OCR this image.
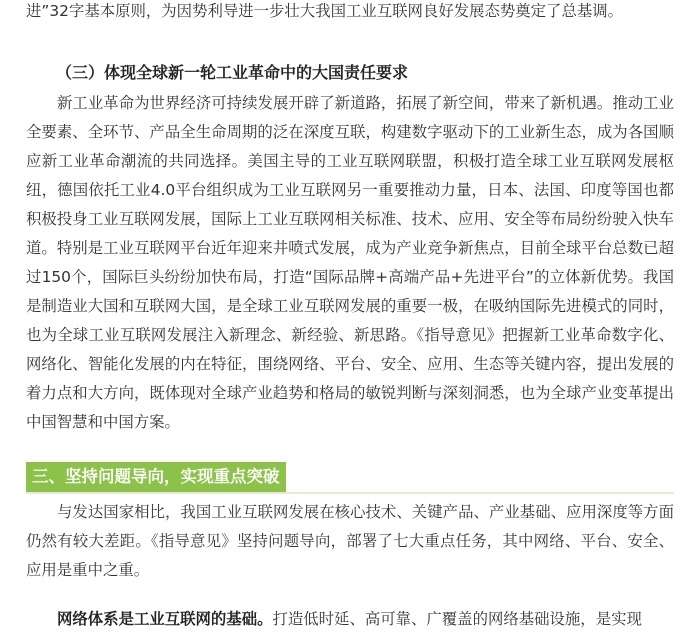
进”32字基本原则，为因势利导进一步壮大我国工业互联网良好发展态势奠定了总基调。

（三）体现全球新一轮工业革命中的大国责任要求

新工业革命为世界经济可持续发展开辟了新道路，拓展了新空间，带来了新机遇。推动工业全要素、全环节、产品全生命周期的泛在深度互联，构建数字驱动下的工业新生态，成为各国顺应新工业革命潮流的共同选择。美国主导的工业互联网联盟，积极打造全球工业互联网发展枢纽，德国依托工业4.0平台组织成为工业互联网另一重要推动力量，日本、法国、印度等国也都积极投身工业互联网发展，国际上工业互联网相关标准、技术、应用、安全等布局纷纷驶入快车道。特别是工业互联网平台近年迎来井喷式发展，成为产业竞争新焦点，目前全球平台总数已超过150个，国际巨头纷纷加快布局，打造“国际品牌+高端产品+先进平台”的立体新优势。我国是制造业大国和互联网大国，是全球工业互联网发展的重要一极，在吸纳国际先进模式的同时，也为全球工业互联网发展注入新理念、新经验、新思路。《指导意见》把握新工业革命数字化、网络化、智能化发展的内在特征，围绕网络、平台、安全、应用、生态等关键内容，提出发展的着力点和大方向，既体现对全球产业趋势和格局的敏锐判断与深刻洞悉，也为全球产业变革提出中国智慧和中国方案。

三、坚持问题导向，实现重点突破

与发达国家相比，我国工业互联网发展在核心技术、关键产品、产业基础、应用深度等方面仍然有较大差距。《指导意见》坚持问题导向，部署了七大重点任务，其中网络、平台、安全、应用是重中之重。

网络体系是工业互联网的基础。打造低时延、高可靠、广覆盖的网络基础设施，是实现
